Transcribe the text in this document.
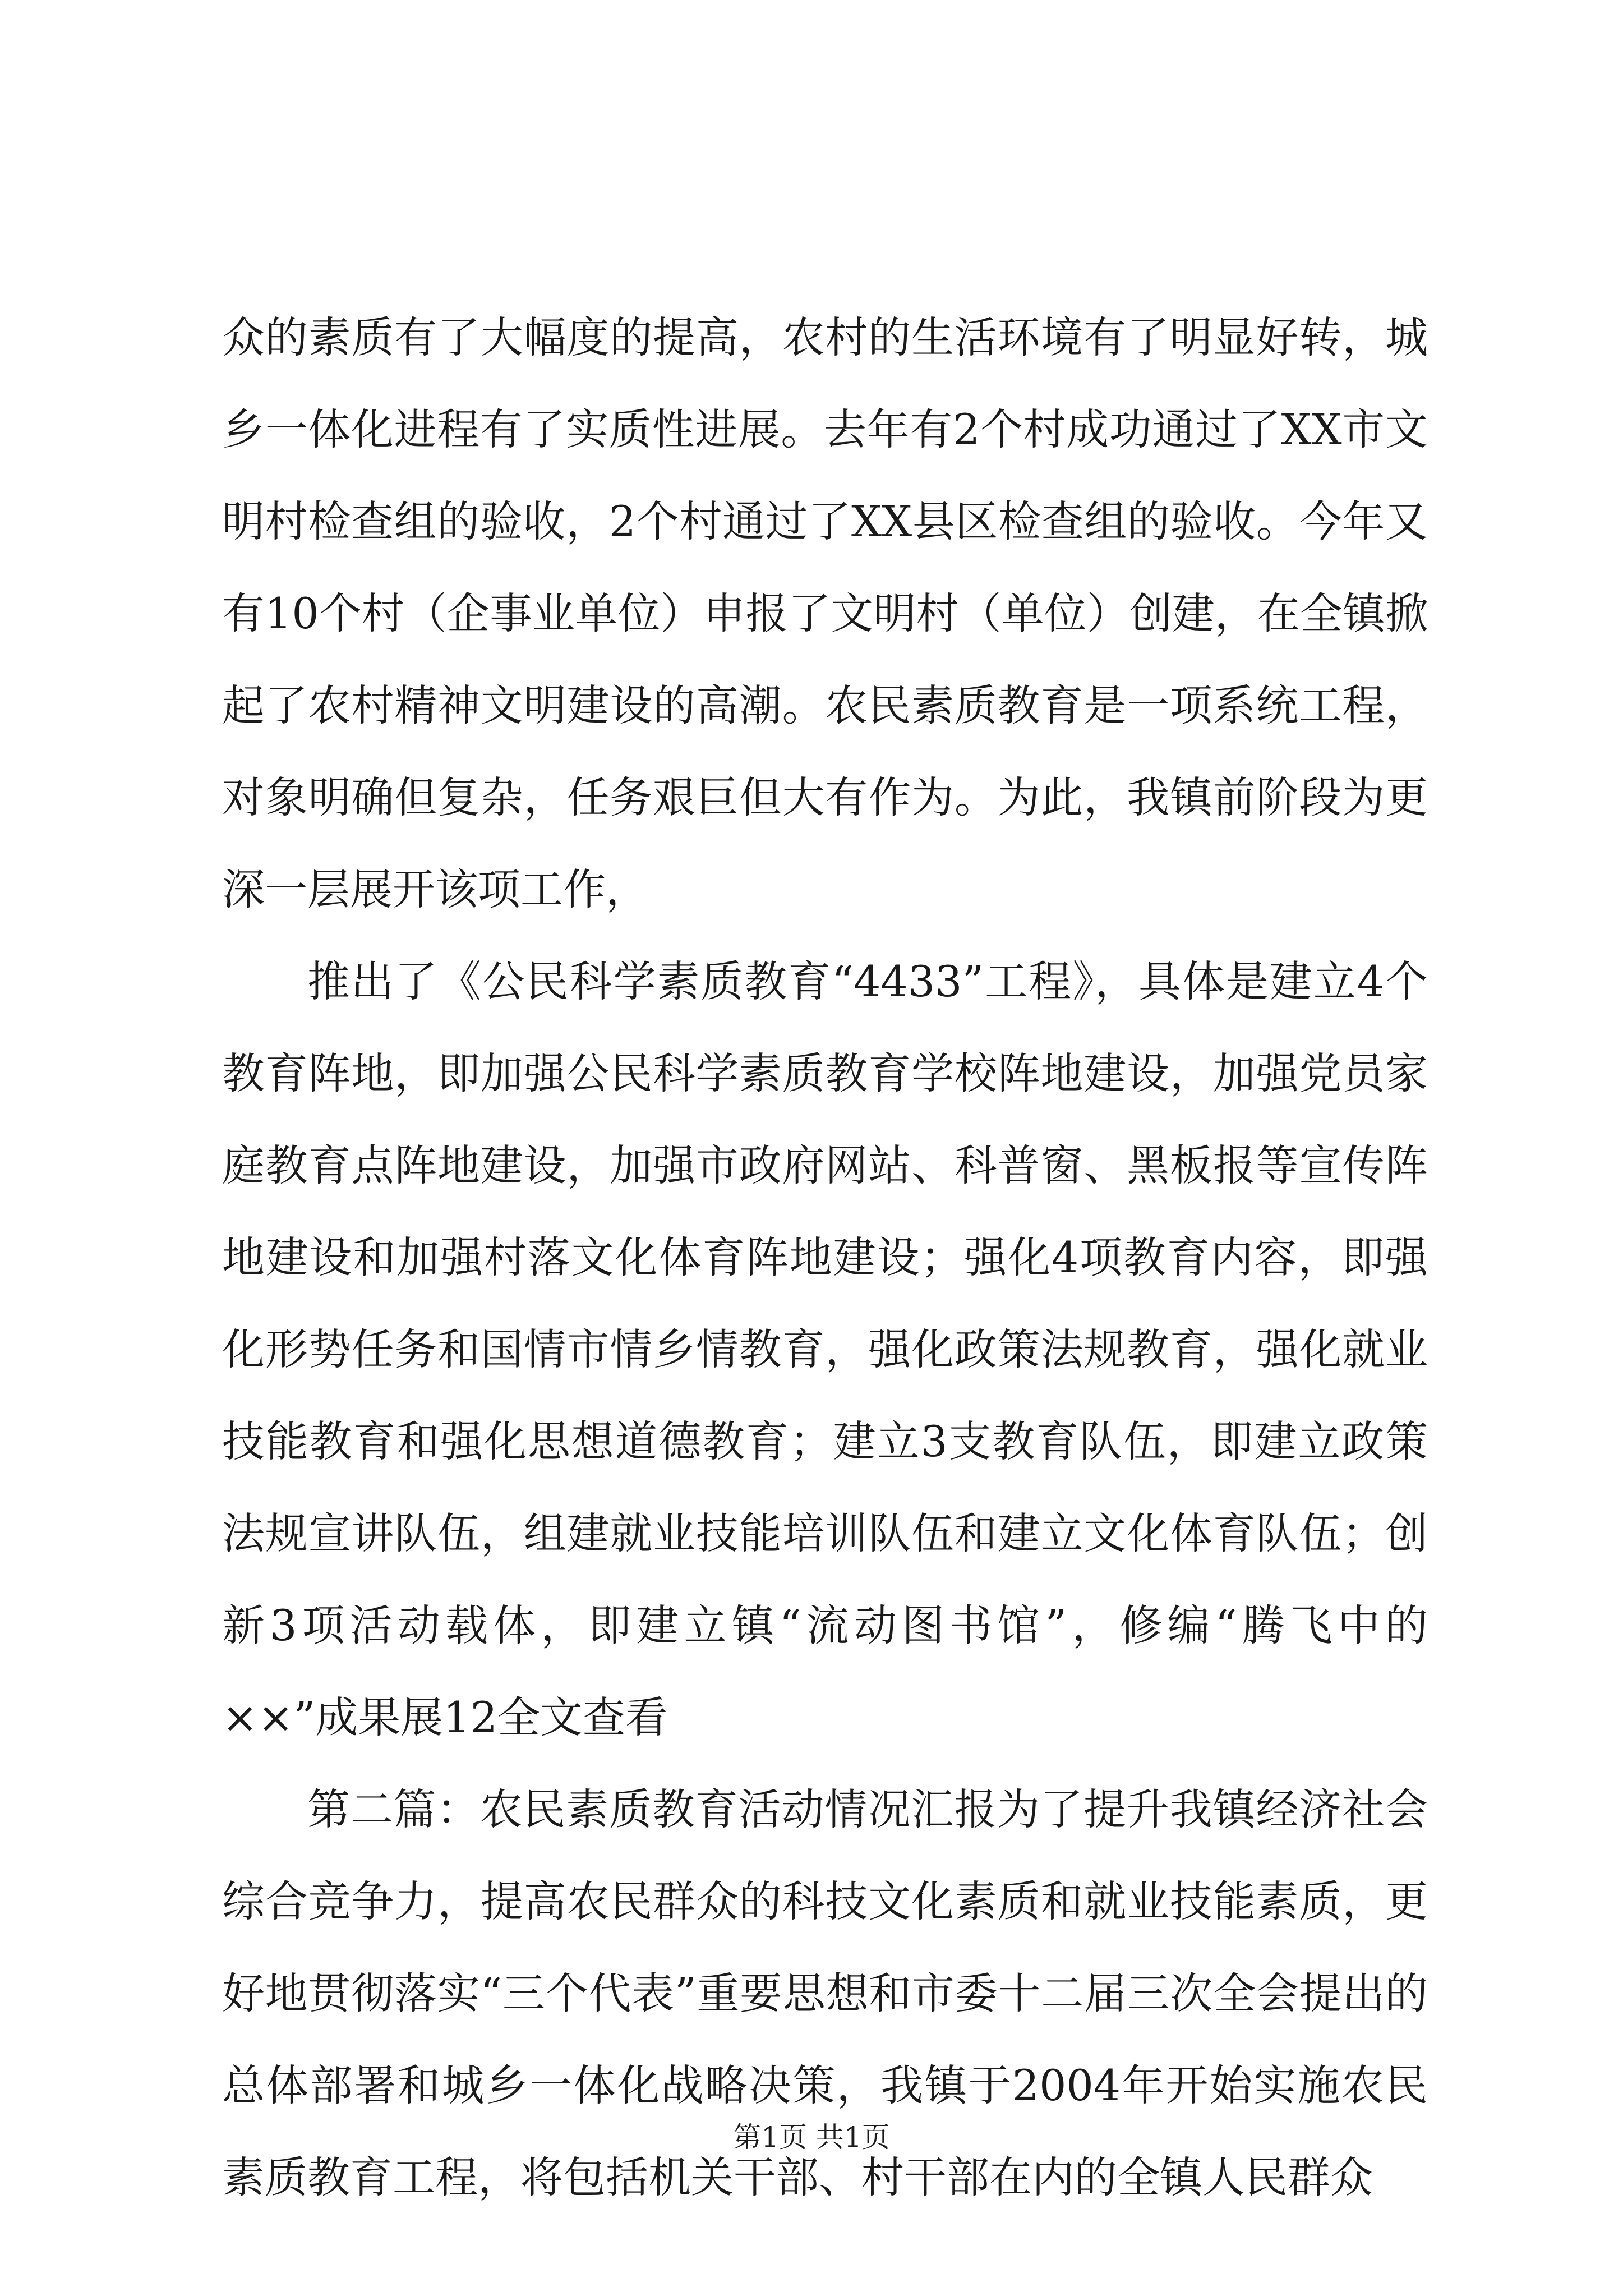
众的素质有了大幅度的提高，农村的生活环境有了明显好转，城乡一体化进程有了实质性进展。去年有2个村成功通过了XX市文明村检查组的验收，2个村通过了XX县区检查组的验收。今年又有10个村（企事业单位）申报了文明村（单位）创建，在全镇掀起了农村精神文明建设的高潮。农民素质教育是一项系统工程，对象明确但复杂，任务艰巨但大有作为。为此，我镇前阶段为更深一层展开该项工作，

推出了《公民科学素质教育“4433”工程》，具体是建立4个教育阵地，即加强公民科学素质教育学校阵地建设，加强党员家庭教育点阵地建设，加强市政府网站、科普窗、黑板报等宣传阵地建设和加强村落文化体育阵地建设；强化4项教育内容，即强化形势任务和国情市情乡情教育，强化政策法规教育，强化就业技能教育和强化思想道德教育；建立3支教育队伍，即建立政策法规宣讲队伍，组建就业技能培训队伍和建立文化体育队伍；创新3项活动载体，即建立镇“流动图书馆”，修编“腾飞中的××”成果展12全文查看

第二篇：农民素质教育活动情况汇报为了提升我镇经济社会综合竞争力，提高农民群众的科技文化素质和就业技能素质，更好地贯彻落实“三个代表”重要思想和市委十二届三次全会提出的总体部署和城乡一体化战略决策，我镇于2004年开始实施农民素质教育工程，将包括机关干部、村干部在内的全镇人民群众

第1页 共1页
